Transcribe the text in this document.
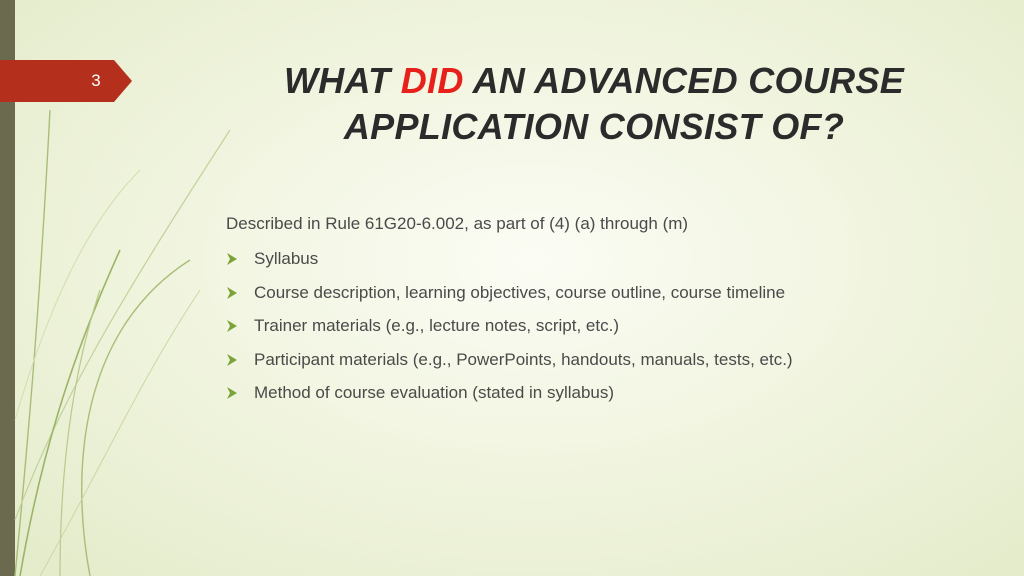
3	WHAT DID AN ADVANCED COURSE
APPLICATION CONSIST OF?
Described in Rule 61G20-6.002, as part of (4) (a) through (m)
Syllabus
Course description, learning objectives, course outline, course timeline
Trainer materials (e.g., lecture notes, script, etc.)
Participant materials (e.g., PowerPoints, handouts, manuals, tests, etc.)
Method of course evaluation (stated in syllabus)
